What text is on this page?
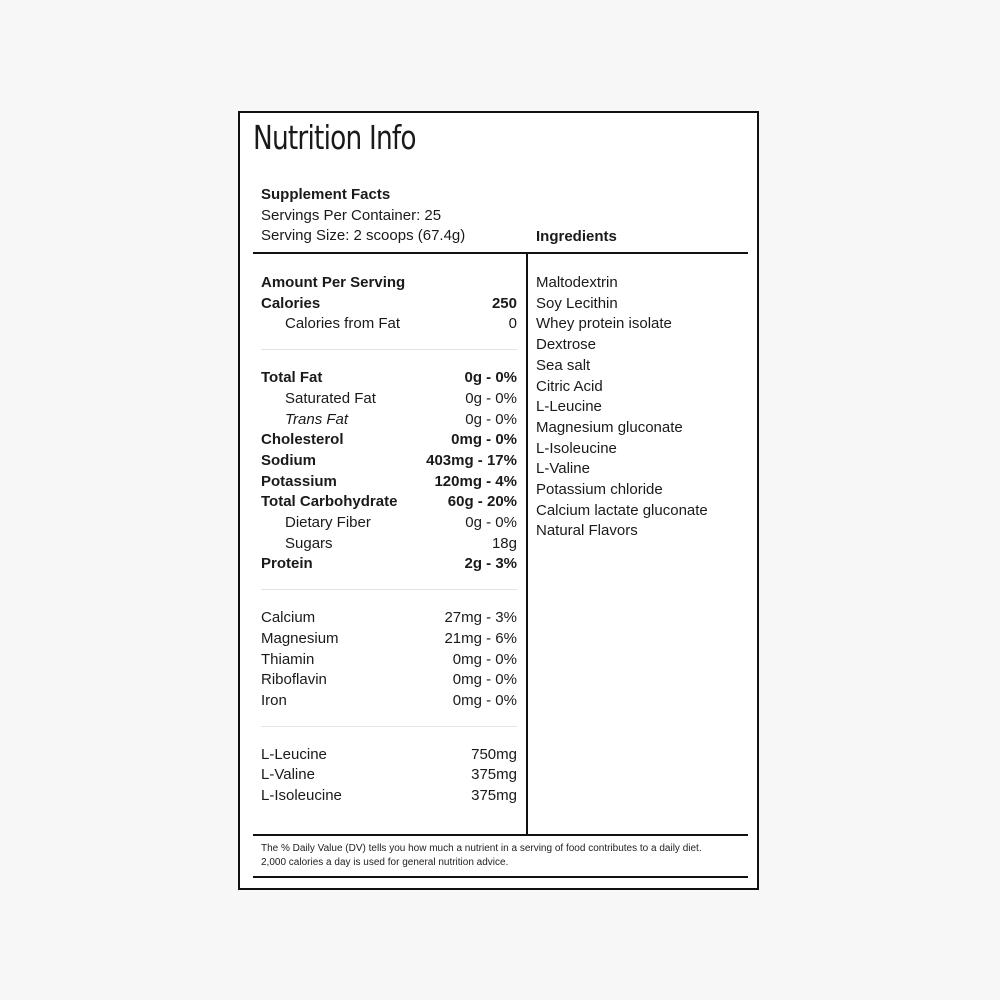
Nutrition Info
Supplement Facts
Servings Per Container: 25
Serving Size: 2 scoops (67.4g)	Ingredients
Amount Per Serving
Calories	250
Calories from Fat	0
Total Fat	0g - 0%
Saturated Fat	0g - 0%
Trans Fat	0g - 0%
Cholesterol	0mg - 0%
Sodium	403mg - 17%
Potassium	120mg - 4%
Total Carbohydrate	60g - 20%
Dietary Fiber	0g - 0%
Sugars	18g
Protein	2g - 3%
Calcium	27mg - 3%
Magnesium	21mg - 6%
Thiamin	0mg - 0%
Riboflavin	0mg - 0%
Iron	0mg - 0%
L-Leucine	750mg
L-Valine	375mg
L-Isoleucine	375mg
Maltodextrin
Soy Lecithin
Whey protein isolate
Dextrose
Sea salt
Citric Acid
L-Leucine
Magnesium gluconate
L-Isoleucine
L-Valine
Potassium chloride
Calcium lactate gluconate
Natural Flavors
The % Daily Value (DV) tells you how much a nutrient in a serving of food contributes to a daily diet.
2,000 calories a day is used for general nutrition advice.
